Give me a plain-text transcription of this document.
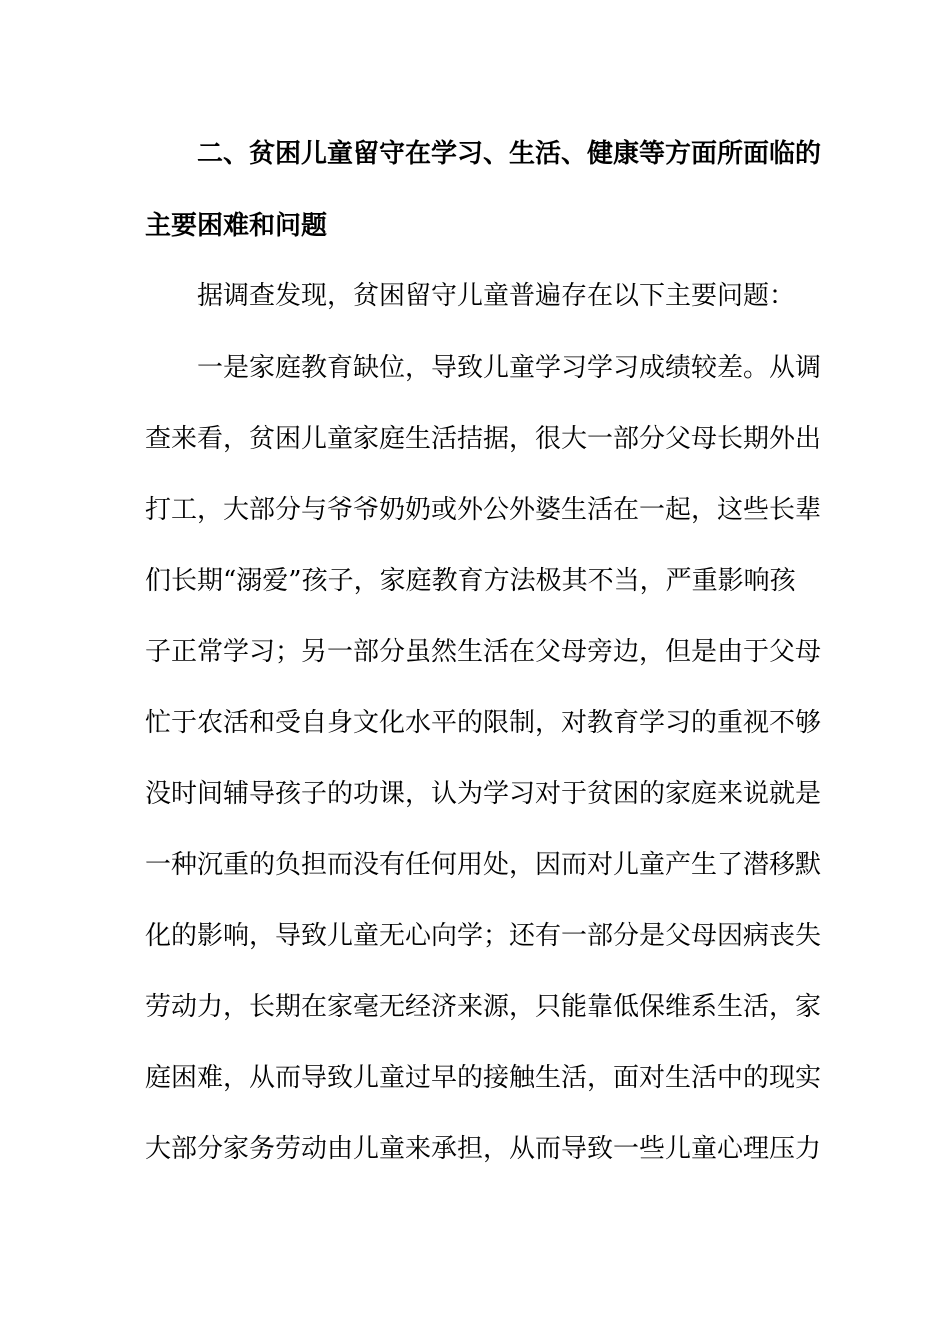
二、贫困儿童留守在学习、生活、健康等方面所面临的
主要困难和问题
据调查发现，贫困留守儿童普遍存在以下主要问题：
一是家庭教育缺位，导致儿童学习学习成绩较差。从调
查来看，贫困儿童家庭生活拮据，很大一部分父母长期外出
打工，大部分与爷爷奶奶或外公外婆生活在一起，这些长辈
们长期“溺爱”孩子，家庭教育方法极其不当，严重影响孩
子正常学习；另一部分虽然生活在父母旁边，但是由于父母
忙于农活和受自身文化水平的限制，对教育学习的重视不够
没时间辅导孩子的功课，认为学习对于贫困的家庭来说就是
一种沉重的负担而没有任何用处，因而对儿童产生了潜移默
化的影响，导致儿童无心向学；还有一部分是父母因病丧失
劳动力，长期在家毫无经济来源，只能靠低保维系生活，家
庭困难，从而导致儿童过早的接触生活，面对生活中的现实
大部分家务劳动由儿童来承担，从而导致一些儿童心理压力
